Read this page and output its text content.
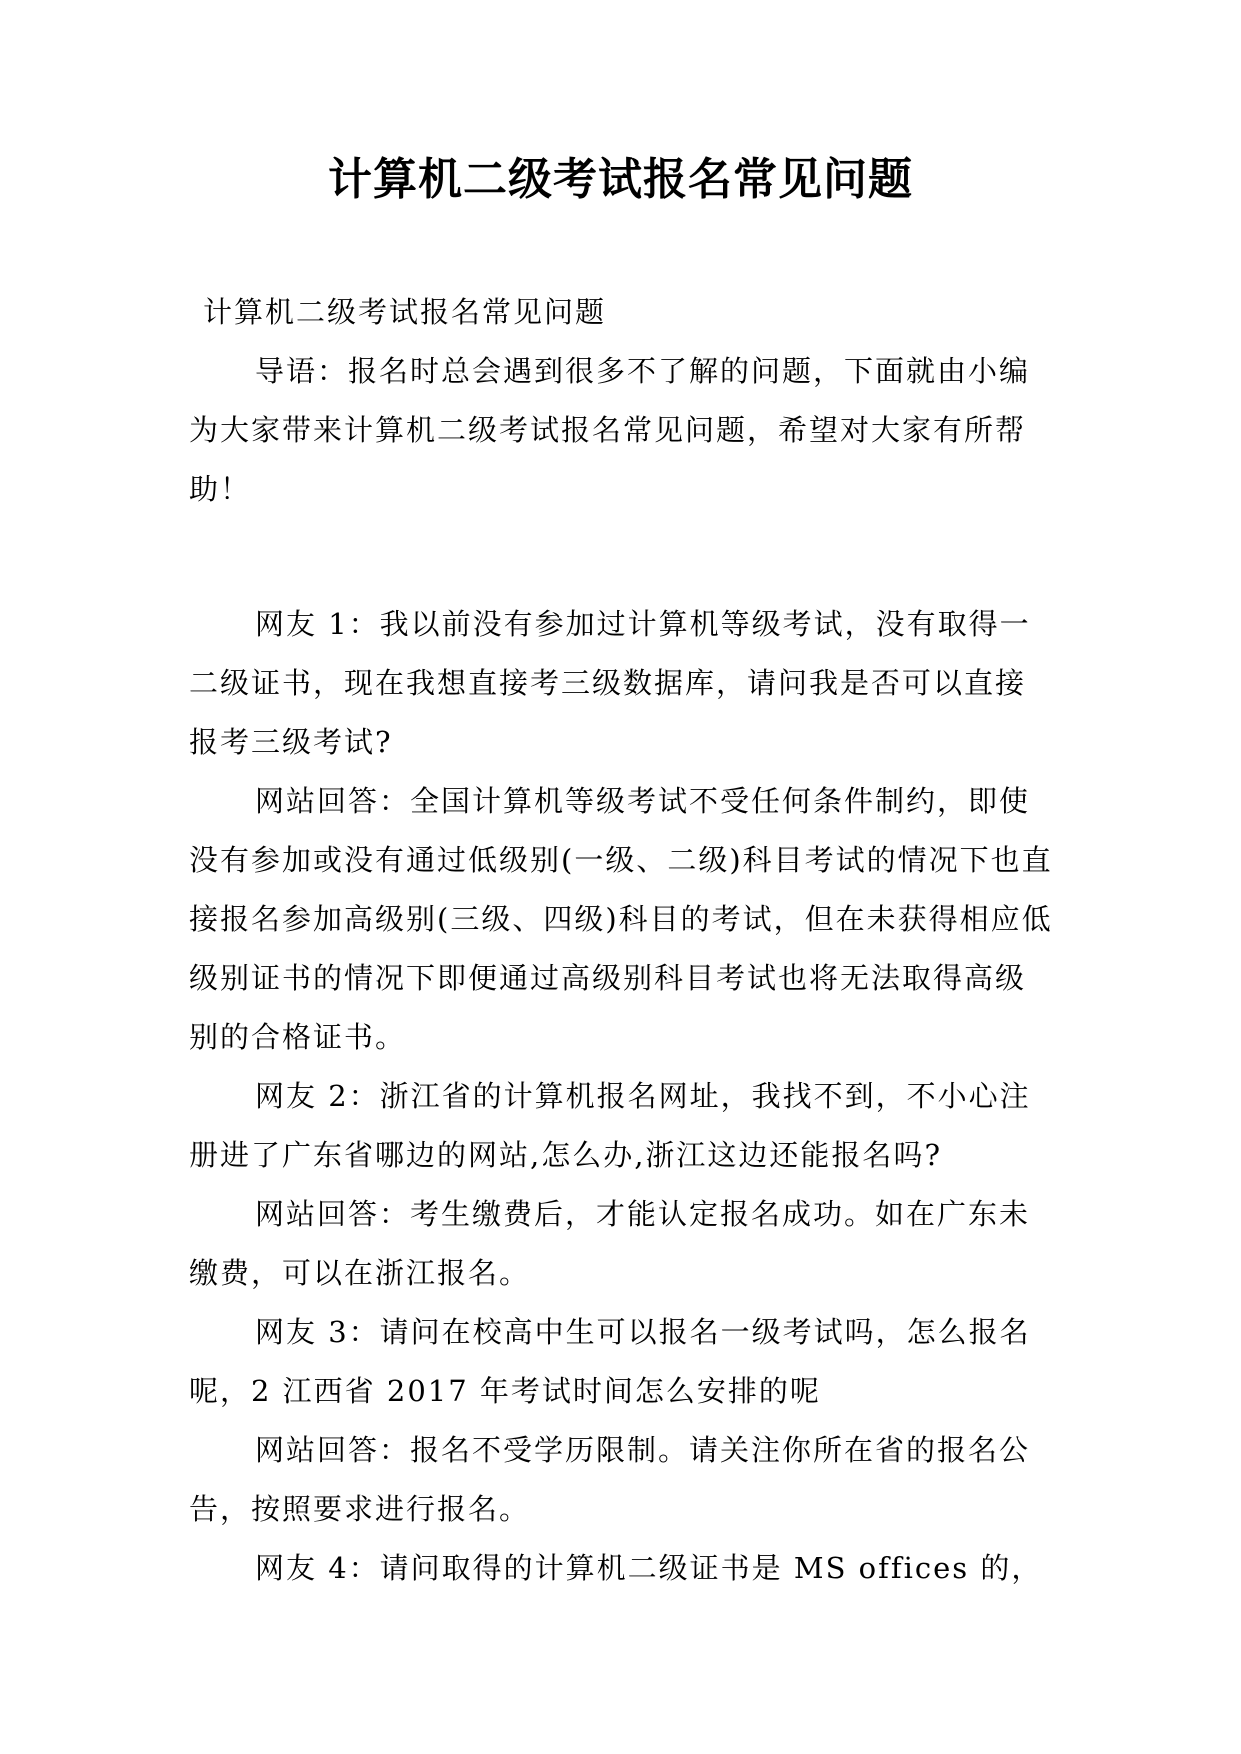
计算机二级考试报名常见问题

计算机二级考试报名常见问题

导语：报名时总会遇到很多不了解的问题，下面就由小编为大家带来计算机二级考试报名常见问题，希望对大家有所帮助！

网友 1：我以前没有参加过计算机等级考试，没有取得一二级证书，现在我想直接考三级数据库，请问我是否可以直接报考三级考试?

网站回答：全国计算机等级考试不受任何条件制约，即使没有参加或没有通过低级别(一级、二级)科目考试的情况下也直接报名参加高级别(三级、四级)科目的考试，但在未获得相应低级别证书的情况下即便通过高级别科目考试也将无法取得高级别的合格证书。

网友 2：浙江省的计算机报名网址，我找不到，不小心注册进了广东省哪边的网站,怎么办,浙江这边还能报名吗?

网站回答：考生缴费后，才能认定报名成功。如在广东未缴费，可以在浙江报名。

网友 3：请问在校高中生可以报名一级考试吗，怎么报名呢，2 江西省 2017 年考试时间怎么安排的呢

网站回答：报名不受学历限制。请关注你所在省的报名公告，按照要求进行报名。

网友 4：请问取得的计算机二级证书是 MS offices 的，
